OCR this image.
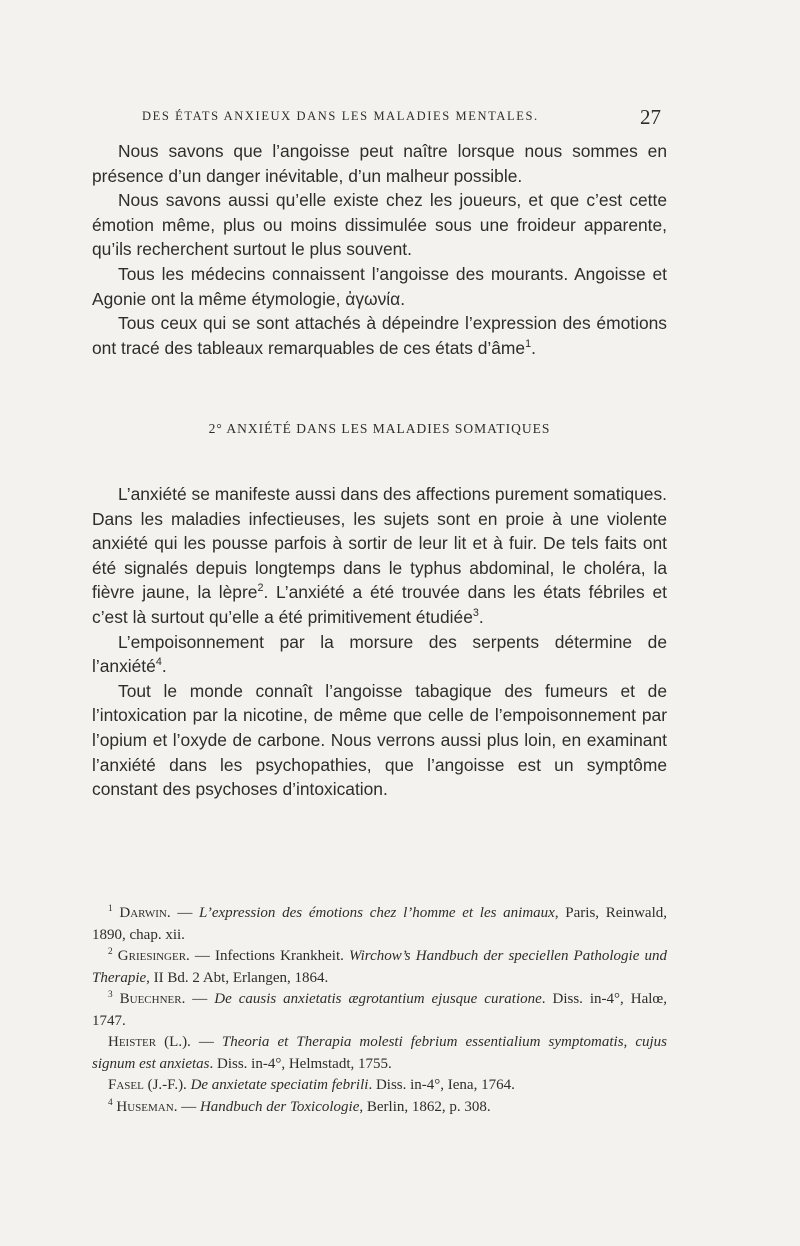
DES ÉTATS ANXIEUX DANS LES MALADIES MENTALES.	27

Nous savons que l’angoisse peut naître lorsque nous sommes en présence d’un danger inévitable, d’un malheur possible.

Nous savons aussi qu’elle existe chez les joueurs, et que c’est cette émotion même, plus ou moins dissimulée sous une froideur apparente, qu’ils recherchent surtout le plus souvent.

Tous les médecins connaissent l’angoisse des mourants. Angoisse et Agonie ont la même étymologie, ἀγωνία.

Tous ceux qui se sont attachés à dépeindre l’expression des émotions ont tracé des tableaux remarquables de ces états d’âme$^1$.

2° ANXIÉTÉ DANS LES MALADIES SOMATIQUES

L’anxiété se manifeste aussi dans des affections purement somatiques. Dans les maladies infectieuses, les sujets sont en proie à une violente anxiété qui les pousse parfois à sortir de leur lit et à fuir. De tels faits ont été signalés depuis longtemps dans le typhus abdominal, le choléra, la fièvre jaune, la lèpre$^2$. L’anxiété a été trouvée dans les états fébriles et c’est là surtout qu’elle a été primitivement étudiée$^3$.

L’empoisonnement par la morsure des serpents détermine de l’anxiété$^4$.

Tout le monde connaît l’angoisse tabagique des fumeurs et de l’intoxication par la nicotine, de même que celle de l’empoisonnement par l’opium et l’oxyde de carbone. Nous verrons aussi plus loin, en examinant l’anxiété dans les psychopathies, que l’angoisse est un symptôme constant des psychoses d’intoxication.

$^1$ Darwin. — L’expression des émotions chez l’homme et les animaux, Paris, Reinwald, 1890, chap. xii.

$^2$ Griesinger. — Infections Krankheit. Wirchow’s Handbuch der speciellen Pathologie und Therapie, II Bd. 2 Abt, Erlangen, 1864.

$^3$ Buechner. — De causis anxietatis ægrotantium ejusque curatione. Diss. in-4°, Halœ, 1747.

Heister (L.). — Theoria et Therapia molesti febrium essentialium symptomatis, cujus signum est anxietas. Diss. in-4°, Helmstadt, 1755.

Fasel (J.-F.). De anxietate speciatim febrili. Diss. in-4°, Iena, 1764.

$^4$ Huseman. — Handbuch der Toxicologie, Berlin, 1862, p. 308.
